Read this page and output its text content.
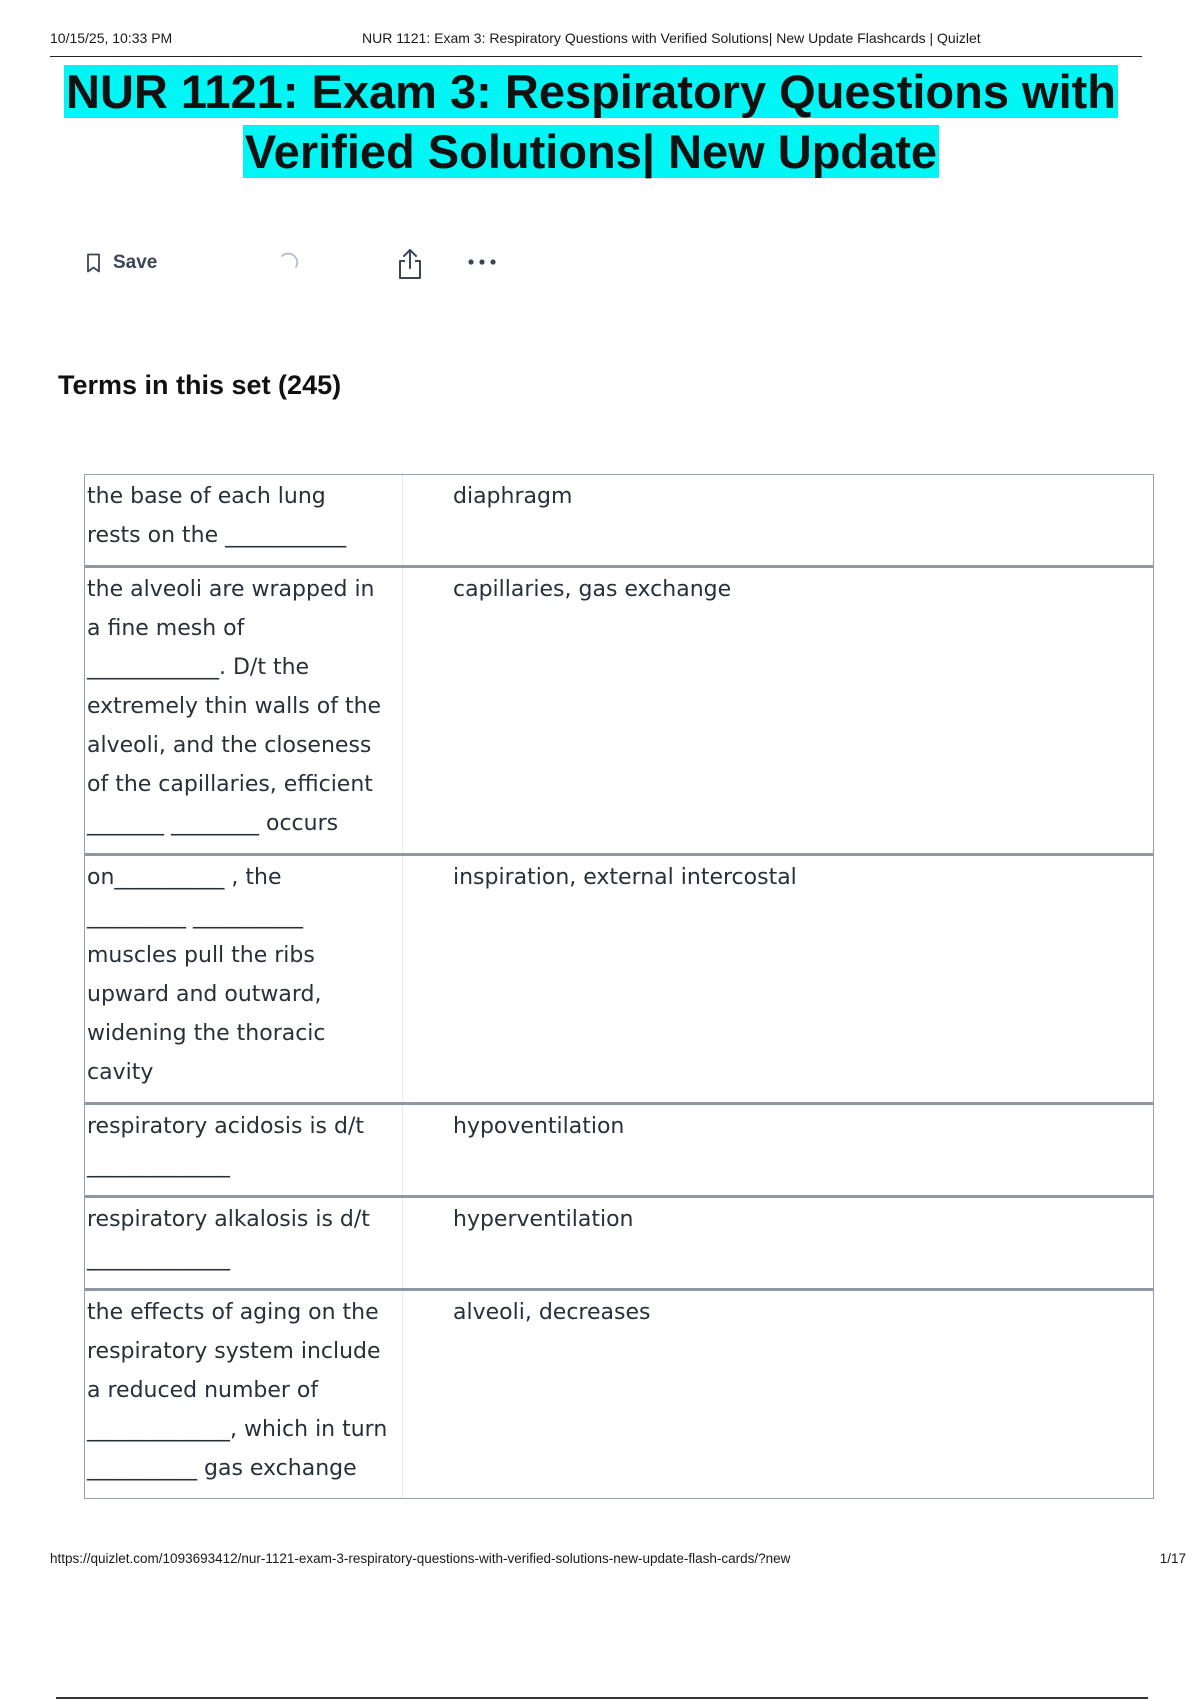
10/15/25, 10:33 PM	NUR 1121: Exam 3: Respiratory Questions with Verified Solutions| New Update Flashcards | Quizlet
NUR 1121: Exam 3: Respiratory Questions with
Verified Solutions| New Update
Save
Terms in this set (245)
the base of each lung
rests on the ___________
diaphragm
the alveoli are wrapped in
a fine mesh of
____________. D/t the
extremely thin walls of the
alveoli, and the closeness
of the capillaries, efficient
_______ ________ occurs
capillaries, gas exchange
on__________ , the
_________ __________
muscles pull the ribs
upward and outward,
widening the thoracic
cavity
inspiration, external intercostal
respiratory acidosis is d/t
_____________
hypoventilation
respiratory alkalosis is d/t
_____________
hyperventilation
the effects of aging on the
respiratory system include
a reduced number of
_____________, which in turn
__________ gas exchange
alveoli, decreases
https://quizlet.com/1093693412/nur-1121-exam-3-respiratory-questions-with-verified-solutions-new-update-flash-cards/?new	1/17
